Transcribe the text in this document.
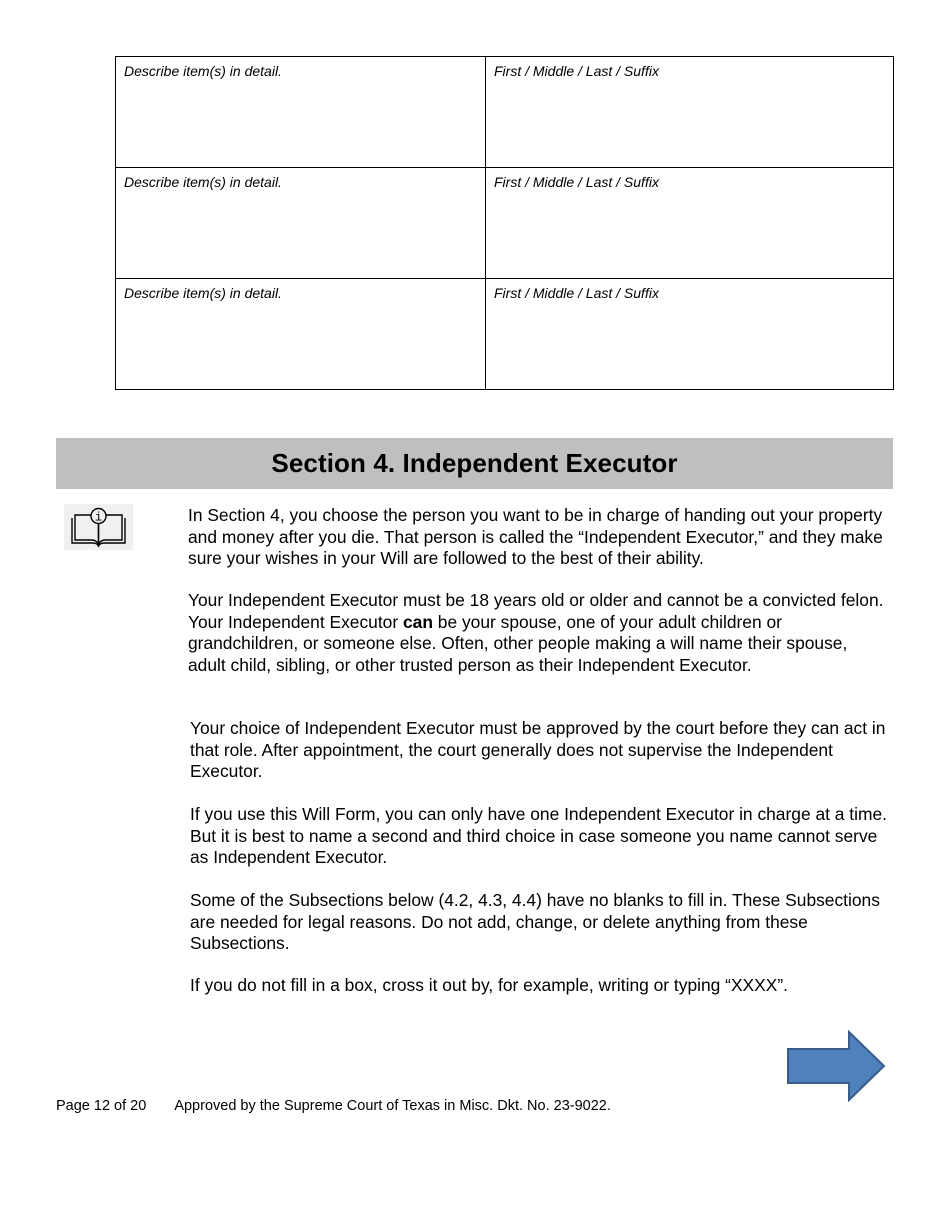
Describe item(s) in detail.	First / Middle / Last / Suffix
Describe item(s) in detail.	First / Middle / Last / Suffix
Describe item(s) in detail.	First / Middle / Last / Suffix
Section 4. Independent Executor
i	In Section 4, you choose the person you want to be in charge of handing out your property and money after you die. That person is called the “Independent Executor,” and they make sure your wishes in your Will are followed to the best of their ability.

Your Independent Executor must be 18 years old or older and cannot be a convicted felon. Your Independent Executor can be your spouse, one of your adult children or grandchildren, or someone else. Often, other people making a will name their spouse, adult child, sibling, or other trusted person as their Independent Executor.

Your choice of Independent Executor must be approved by the court before they can act in that role. After appointment, the court generally does not supervise the Independent Executor.

If you use this Will Form, you can only have one Independent Executor in charge at a time. But it is best to name a second and third choice in case someone you name cannot serve as Independent Executor.

Some of the Subsections below (4.2, 4.3, 4.4) have no blanks to fill in. These Subsections are needed for legal reasons. Do not add, change, or delete anything from these Subsections.

If you do not fill in a box, cross it out by, for example, writing or typing “XXXX”.

Page 12 of 20 Approved by the Supreme Court of Texas in Misc. Dkt. No. 23-9022.
